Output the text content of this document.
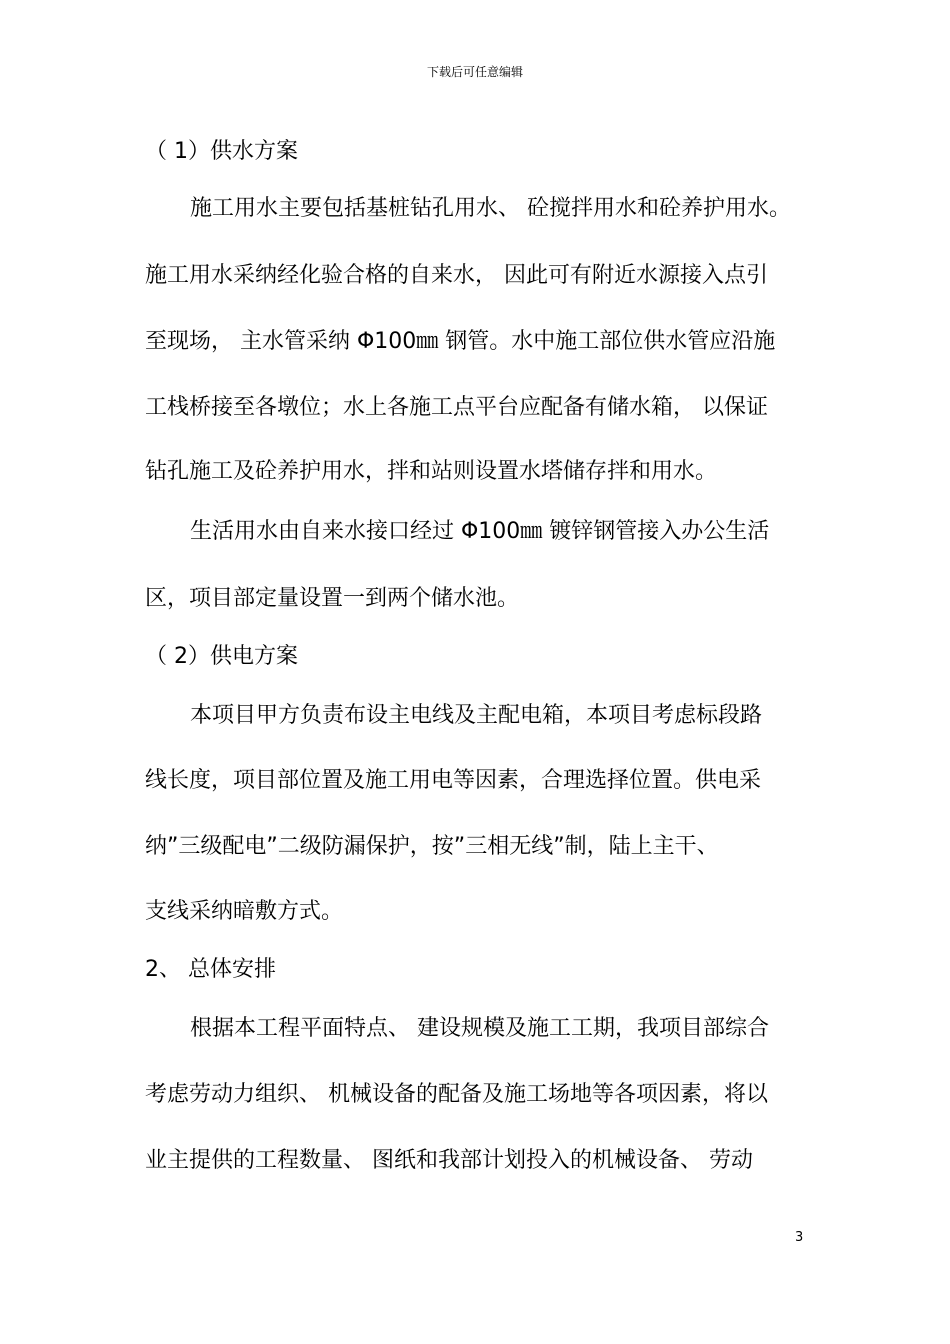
下载后可任意编辑
（ 1）供水方案
施工用水主要包括基桩钻孔用水、 砼搅拌用水和砼养护用水。
施工用水采纳经化验合格的自来水， 因此可有附近水源接入点引
至现场， 主水管采纳 Φ100㎜ 钢管。水中施工部位供水管应沿施
工栈桥接至各墩位；水上各施工点平台应配备有储水箱， 以保证
钻孔施工及砼养护用水，拌和站则设置水塔储存拌和用水。
生活用水由自来水接口经过 Φ100㎜ 镀锌钢管接入办公生活
区，项目部定量设置一到两个储水池。
（ 2）供电方案
本项目甲方负责布设主电线及主配电箱，本项目考虑标段路
线长度，项目部位置及施工用电等因素，合理选择位置。供电采
纳”三级配电”二级防漏保护，按”三相无线”制，陆上主干、
支线采纳暗敷方式。
2、 总体安排
根据本工程平面特点、 建设规模及施工工期，我项目部综合
考虑劳动力组织、 机械设备的配备及施工场地等各项因素，将以
业主提供的工程数量、 图纸和我部计划投入的机械设备、 劳动
3
